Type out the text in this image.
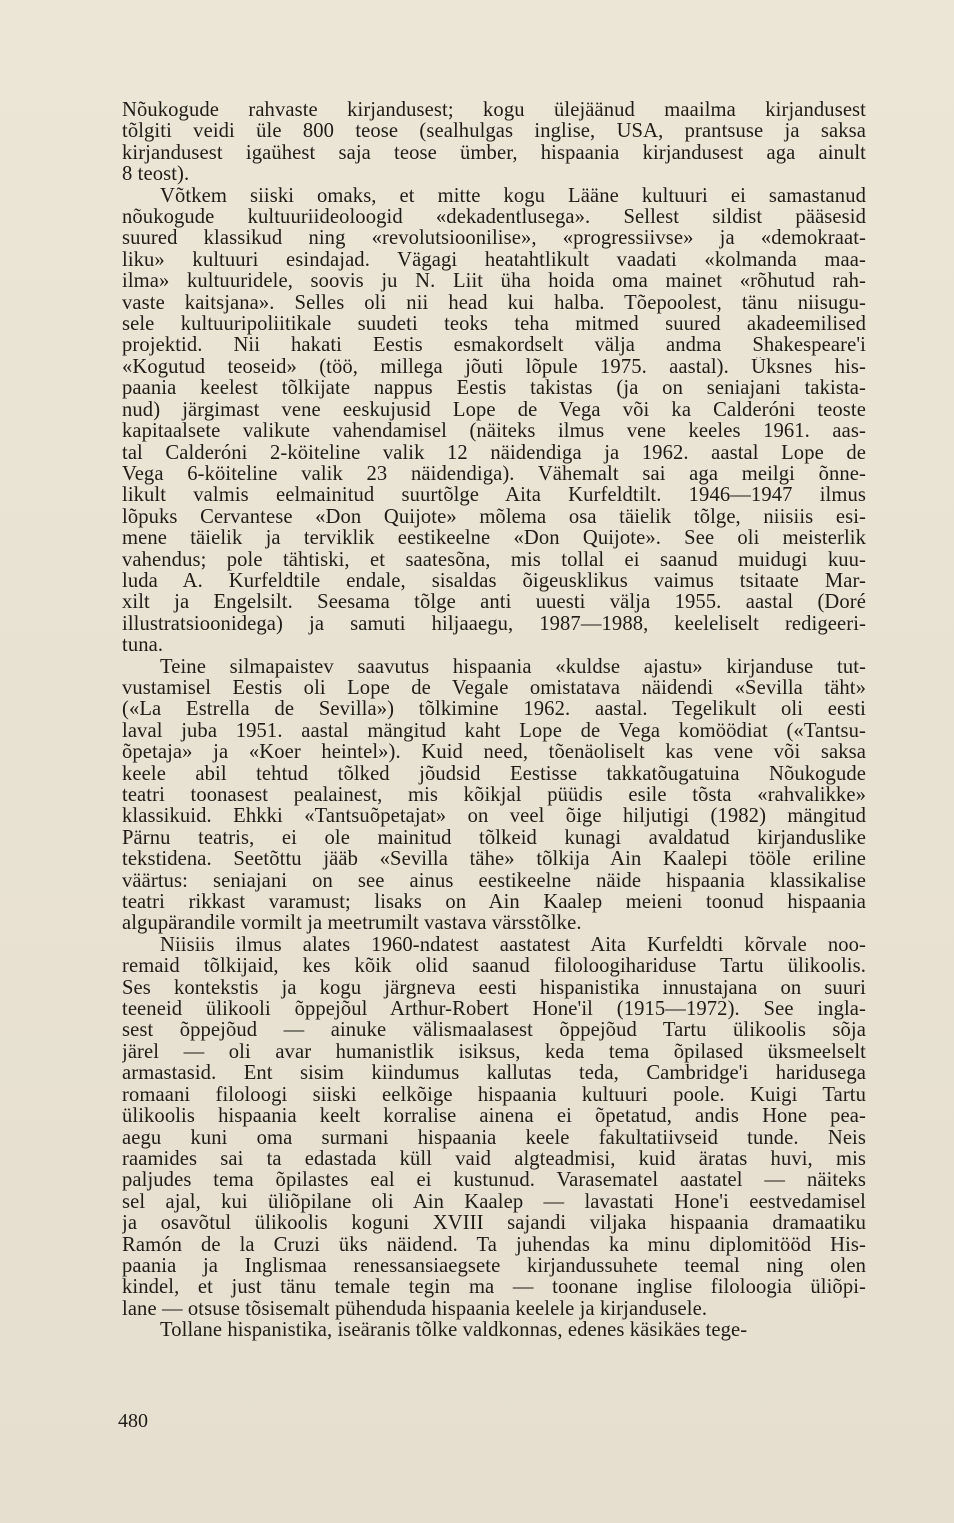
Nõukogude rahvaste kirjandusest; kogu ülejäänud maailma kirjandusest
tõlgiti veidi üle 800 teose (sealhulgas inglise, USA, prantsuse ja saksa
kirjandusest igaühest saja teose ümber, hispaania kirjandusest aga ainult
8 teost).

Võtkem siiski omaks, et mitte kogu Lääne kultuuri ei samastanud
nõukogude kultuuriideoloogid «dekadentlusega». Sellest sildist pääsesid
suured klassikud ning «revolutsioonilise», «progressiivse» ja «demokraat-
liku» kultuuri esindajad. Vägagi heatahtlikult vaadati «kolmanda maa-
ilma» kultuuridele, soovis ju N. Liit üha hoida oma mainet «rõhutud rah-
vaste kaitsjana». Selles oli nii head kui halba. Tõepoolest, tänu niisugu-
sele kultuuripoliitikale suudeti teoks teha mitmed suured akadeemilised
projektid. Nii hakati Eestis esmakordselt välja andma Shakespeare'i
«Kogutud teoseid» (töö, millega jõuti lõpule 1975. aastal). Üksnes his-
paania keelest tõlkijate nappus Eestis takistas (ja on seniajani takista-
nud) järgimast vene eeskujusid Lope de Vega või ka Calderóni teoste
kapitaalsete valikute vahendamisel (näiteks ilmus vene keeles 1961. aas-
tal Calderóni 2-köiteline valik 12 näidendiga ja 1962. aastal Lope de
Vega 6-köiteline valik 23 näidendiga). Vähemalt sai aga meilgi õnne-
likult valmis eelmainitud suurtõlge Aita Kurfeldtilt. 1946—1947 ilmus
lõpuks Cervantese «Don Quijote» mõlema osa täielik tõlge, niisiis esi-
mene täielik ja terviklik eestikeelne «Don Quijote». See oli meisterlik
vahendus; pole tähtiski, et saatesõna, mis tollal ei saanud muidugi kuu-
luda A. Kurfeldtile endale, sisaldas õigeusklikus vaimus tsitaate Mar-
xilt ja Engelsilt. Seesama tõlge anti uuesti välja 1955. aastal (Doré
illustratsioonidega) ja samuti hiljaaegu, 1987—1988, keeleliselt redigeeri-
tuna.

Teine silmapaistev saavutus hispaania «kuldse ajastu» kirjanduse tut-
vustamisel Eestis oli Lope de Vegale omistatava näidendi «Sevilla täht»
(«La Estrella de Sevilla») tõlkimine 1962. aastal. Tegelikult oli eesti
laval juba 1951. aastal mängitud kaht Lope de Vega komöödiat («Tantsu-
õpetaja» ja «Koer heintel»). Kuid need, tõenäoliselt kas vene või saksa
keele abil tehtud tõlked jõudsid Eestisse takkatõugatuina Nõukogude
teatri toonasest pealainest, mis kõikjal püüdis esile tõsta «rahvalikke»
klassikuid. Ehkki «Tantsuõpetajat» on veel õige hiljutigi (1982) mängitud
Pärnu teatris, ei ole mainitud tõlkeid kunagi avaldatud kirjanduslike
tekstidena. Seetõttu jääb «Sevilla tähe» tõlkija Ain Kaalepi tööle eriline
väärtus: seniajani on see ainus eestikeelne näide hispaania klassikalise
teatri rikkast varamust; lisaks on Ain Kaalep meieni toonud hispaania
algupärandile vormilt ja meetrumilt vastava värsstõlke.

Niisiis ilmus alates 1960-ndatest aastatest Aita Kurfeldti kõrvale noo-
remaid tõlkijaid, kes kõik olid saanud filoloogihariduse Tartu ülikoolis.
Ses kontekstis ja kogu järgneva eesti hispanistika innustajana on suuri
teeneid ülikooli õppejõul Arthur-Robert Hone'il (1915—1972). See ingla-
sest õppejõud — ainuke välismaalasest õppejõud Tartu ülikoolis sõja
järel — oli avar humanistlik isiksus, keda tema õpilased üksmeelselt
armastasid. Ent sisim kiindumus kallutas teda, Cambridge'i haridusega
romaani filoloogi siiski eelkõige hispaania kultuuri poole. Kuigi Tartu
ülikoolis hispaania keelt korralise ainena ei õpetatud, andis Hone pea-
aegu kuni oma surmani hispaania keele fakultatiivseid tunde. Neis
raamides sai ta edastada küll vaid algteadmisi, kuid äratas huvi, mis
paljudes tema õpilastes eal ei kustunud. Varasematel aastatel — näiteks
sel ajal, kui üliõpilane oli Ain Kaalep — lavastati Hone'i eestvedamisel
ja osavõtul ülikoolis koguni XVIII sajandi viljaka hispaania dramaatiku
Ramón de la Cruzi üks näidend. Ta juhendas ka minu diplomitööd His-
paania ja Inglismaa renessansiaegsete kirjandussuhete teemal ning olen
kindel, et just tänu temale tegin ma — toonane inglise filoloogia üliõpi-
lane — otsuse tõsisemalt pühenduda hispaania keelele ja kirjandusele.

Tollane hispanistika, iseäranis tõlke valdkonnas, edenes käsikäes tege-

480
